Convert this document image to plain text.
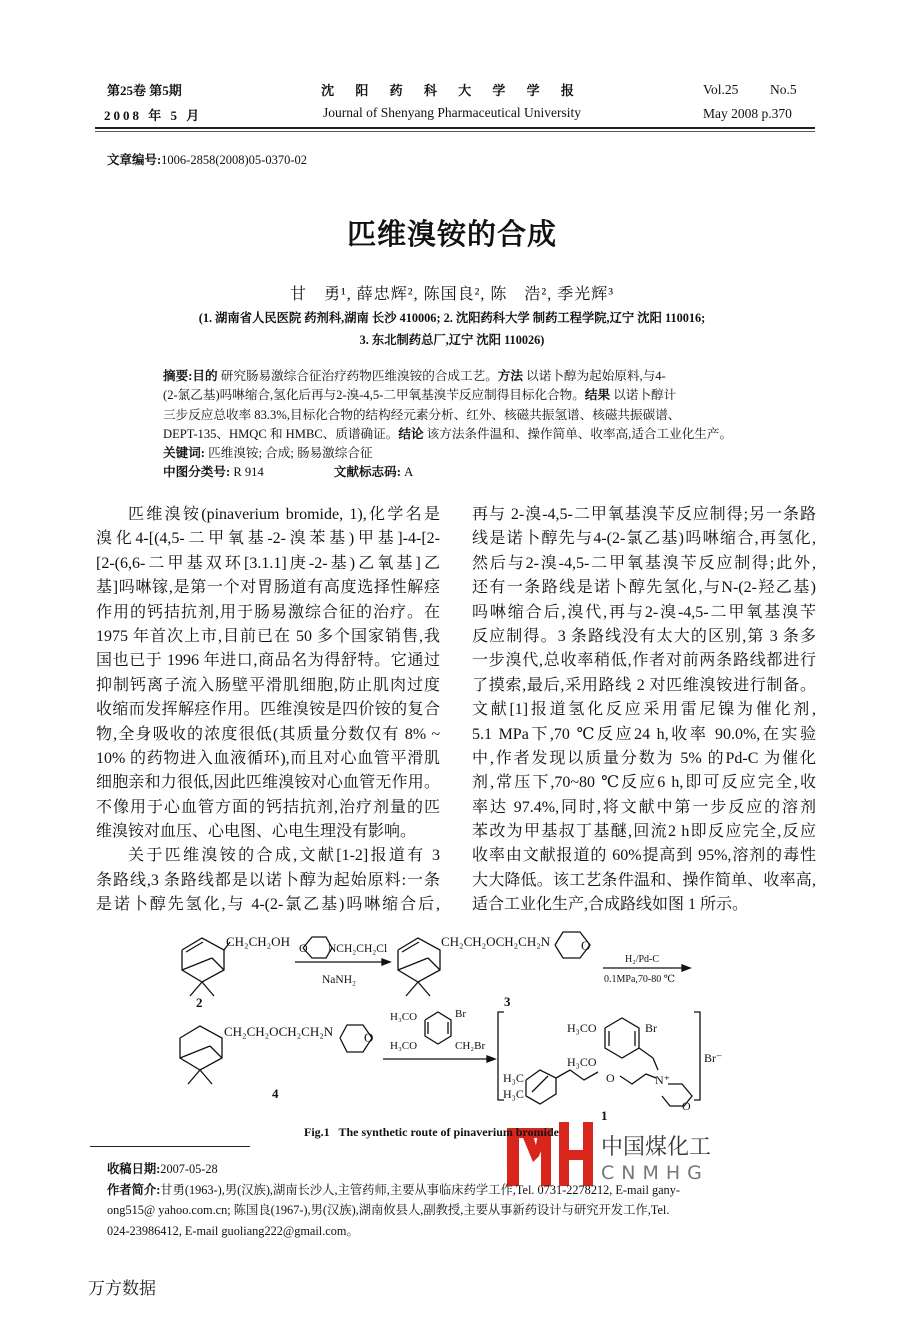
第25卷 第5期
2008 年 5 月
沈 阳 药 科 大 学 学 报
Journal of Shenyang Pharmaceutical University
Vol.25 No.5
May 2008 p.370
文章编号:1006-2858(2008)05-0370-02
匹维溴铵的合成
甘　勇¹, 薛忠辉², 陈国良², 陈　浩², 季光辉³
(1. 湖南省人民医院 药剂科,湖南 长沙 410006; 2. 沈阳药科大学 制药工程学院,辽宁 沈阳 110016;
3. 东北制药总厂,辽宁 沈阳 110026)
摘要:目的 研究肠易激综合征治疗药物匹维溴铵的合成工艺。方法 以诺卜醇为起始原料,与4-
(2-氯乙基)吗啉缩合,氢化后再与2-溴-4,5-二甲氧基溴苄反应制得目标化合物。结果 以诺卜醇计
三步反应总收率 83.3%,目标化合物的结构经元素分析、红外、核磁共振氢谱、核磁共振碳谱、
DEPT-135、HMQC 和 HMBC、质谱确证。结论 该方法条件温和、操作简单、收率高,适合工业化生产。
关键词: 匹维溴铵; 合成; 肠易激综合征
中图分类号: R 914	文献标志码: A
匹维溴铵(pinaverium bromide, 1),化学名是
溴化4-[(4,5-二甲氧基-2-溴苯基)甲基]-4-[2-
[2-(6,6-二甲基双环[3.1.1]庚-2-基)乙氧基]乙
基]吗啉镓,是第一个对胃肠道有高度选择性解痉
作用的钙拮抗剂,用于肠易激综合征的治疗。在
1975 年首次上市,目前已在 50 多个国家销售,我
国也已于 1996 年进口,商品名为得舒特。它通过
抑制钙离子流入肠壁平滑肌细胞,防止肌肉过度
收缩而发挥解痉作用。匹维溴铵是四价铵的复合
物,全身吸收的浓度很低(其质量分数仅有 8% ~
10% 的药物进入血液循环),而且对心血管平滑肌
细胞亲和力很低,因此匹维溴铵对心血管无作用。
不像用于心血管方面的钙拮抗剂,治疗剂量的匹
维溴铵对血压、心电图、心电生理没有影响。
关于匹维溴铵的合成,文献[1-2]报道有 3
条路线,3 条路线都是以诺卜醇为起始原料:一条
是诺卜醇先氢化,与 4-(2-氯乙基)吗啉缩合后,
再与 2-溴-4,5-二甲氧基溴苄反应制得;另一条路
线是诺卜醇先与4-(2-氯乙基)吗啉缩合,再氢化,
然后与2-溴-4,5-二甲氧基溴苄反应制得;此外,
还有一条路线是诺卜醇先氢化,与N-(2-羟乙基)
吗啉缩合后,溴代,再与2-溴-4,5-二甲氧基溴苄
反应制得。3 条路线没有太大的区别,第 3 条多
一步溴代,总收率稍低,作者对前两条路线都进行
了摸索,最后,采用路线 2 对匹维溴铵进行制备。
文献[1]报道氢化反应采用雷尼镍为催化剂,
5.1 MPa下,70 ℃反应24 h,收率 90.0%,在实验
中,作者发现以质量分数为 5% 的Pd-C 为催化
剂,常压下,70~80 ℃反应6 h,即可反应完全,收
率达 97.4%,同时,将文献中第一步反应的溶剂
苯改为甲基叔丁基醚,回流2 h即反应完全,反应
收率由文献报道的 60%提高到 95%,溶剂的毒性
大大降低。该工艺条件温和、操作简单、收率高,
适合工业化生产,合成路线如图 1 所示。
中国煤化工
CNMHG
CH₂CH₂OH
2
O NCH₂CH₂Cl
NaNH₂
CH₂CH₂OCH₂CH₂N O
3
H₂/Pd-C
0.1MPa,70-80 ℃
CH₂CH₂OCH₂CH₂N O
4
H₃CO
H₃CO
Br
CH₂Br
H₃CO	Br
H₃CO
H₃C
H₃C
O	N⁺
O
Br⁻
1
Fig.1   The synthetic route of pinaverium bromide
收稿日期:2007-05-28
作者简介:甘勇(1963-),男(汉族),湖南长沙人,主管药师,主要从事临床药学工作,Tel. 0731-2278212, E-mail gany-
ong515@ yahoo.com.cn; 陈国良(1967-),男(汉族),湖南攸县人,副教授,主要从事新药设计与研究开发工作,Tel.
024-23986412, E-mail guoliang222@gmail.com。
万方数据
